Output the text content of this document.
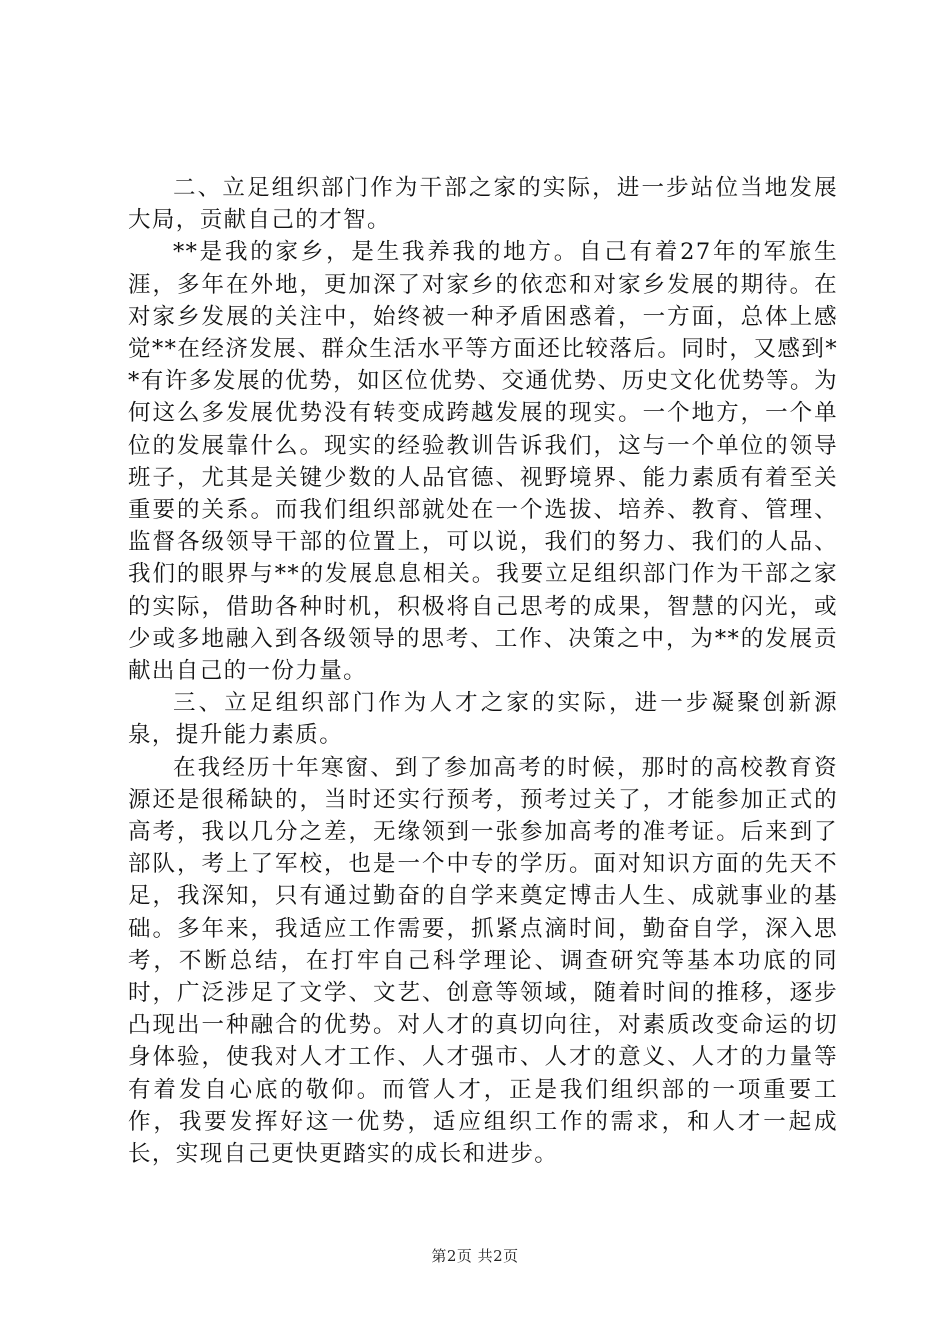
二、立足组织部门作为干部之家的实际，进一步站位当地发展大局，贡献自己的才智。

**是我的家乡，是生我养我的地方。自己有着27年的军旅生涯，多年在外地，更加深了对家乡的依恋和对家乡发展的期待。在对家乡发展的关注中，始终被一种矛盾困惑着，一方面，总体上感觉**在经济发展、群众生活水平等方面还比较落后。同时，又感到**有许多发展的优势，如区位优势、交通优势、历史文化优势等。为何这么多发展优势没有转变成跨越发展的现实。一个地方，一个单位的发展靠什么。现实的经验教训告诉我们，这与一个单位的领导班子，尤其是关键少数的人品官德、视野境界、能力素质有着至关重要的关系。而我们组织部就处在一个选拔、培养、教育、管理、监督各级领导干部的位置上，可以说，我们的努力、我们的人品、我们的眼界与**的发展息息相关。我要立足组织部门作为干部之家的实际，借助各种时机，积极将自己思考的成果，智慧的闪光，或少或多地融入到各级领导的思考、工作、决策之中，为**的发展贡献出自己的一份力量。

三、立足组织部门作为人才之家的实际，进一步凝聚创新源泉，提升能力素质。

在我经历十年寒窗、到了参加高考的时候，那时的高校教育资源还是很稀缺的，当时还实行预考，预考过关了，才能参加正式的高考，我以几分之差，无缘领到一张参加高考的准考证。后来到了部队，考上了军校，也是一个中专的学历。面对知识方面的先天不足，我深知，只有通过勤奋的自学来奠定博击人生、成就事业的基础。多年来，我适应工作需要，抓紧点滴时间，勤奋自学，深入思考，不断总结，在打牢自己科学理论、调查研究等基本功底的同时，广泛涉足了文学、文艺、创意等领域，随着时间的推移，逐步凸现出一种融合的优势。对人才的真切向往，对素质改变命运的切身体验，使我对人才工作、人才强市、人才的意义、人才的力量等有着发自心底的敬仰。而管人才，正是我们组织部的一项重要工作，我要发挥好这一优势，适应组织工作的需求，和人才一起成长，实现自己更快更踏实的成长和进步。

第2页 共2页
